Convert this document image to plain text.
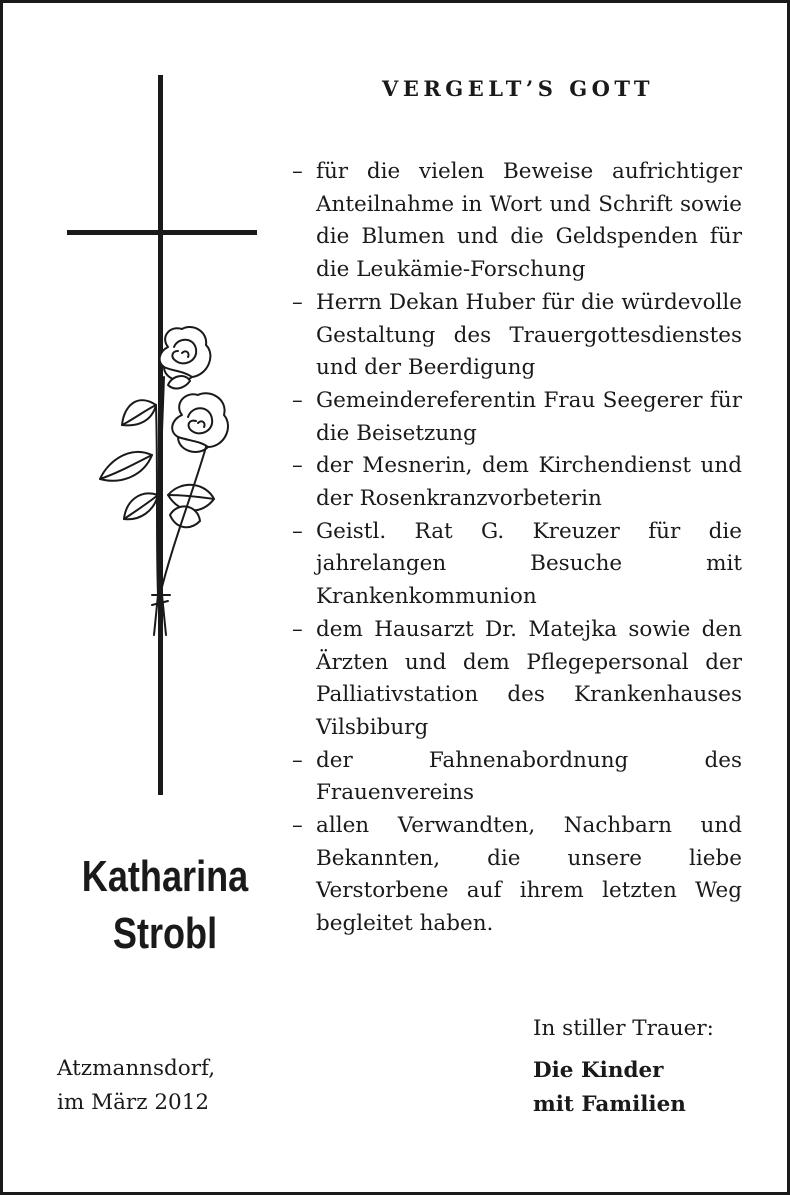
VERGELT’S GOTT
– für die vielen Beweise aufrichtiger Anteilnahme in Wort und Schrift sowie die Blumen und die Geldspenden für die Leukämie-Forschung
– Herrn Dekan Huber für die würdevolle Gestaltung des Trauergottesdienstes und der Beerdigung
– Gemeindereferentin Frau Seegerer für die Beisetzung
– der Mesnerin, dem Kirchendienst und der Rosenkranzvorbeterin
– Geistl. Rat G. Kreuzer für die jahrelangen Besuche mit Krankenkommunion
– dem Hausarzt Dr. Matejka sowie den Ärzten und dem Pflegepersonal der Palliativstation des Krankenhauses Vilsbiburg
– der Fahnenabordnung des Frauenvereins
– allen Verwandten, Nachbarn und Bekannten, die unsere liebe Verstorbene auf ihrem letzten Weg begleitet haben.
Katharina
Strobl
Atzmannsdorf,
im März 2012
In stiller Trauer:
Die Kinder
mit Familien
